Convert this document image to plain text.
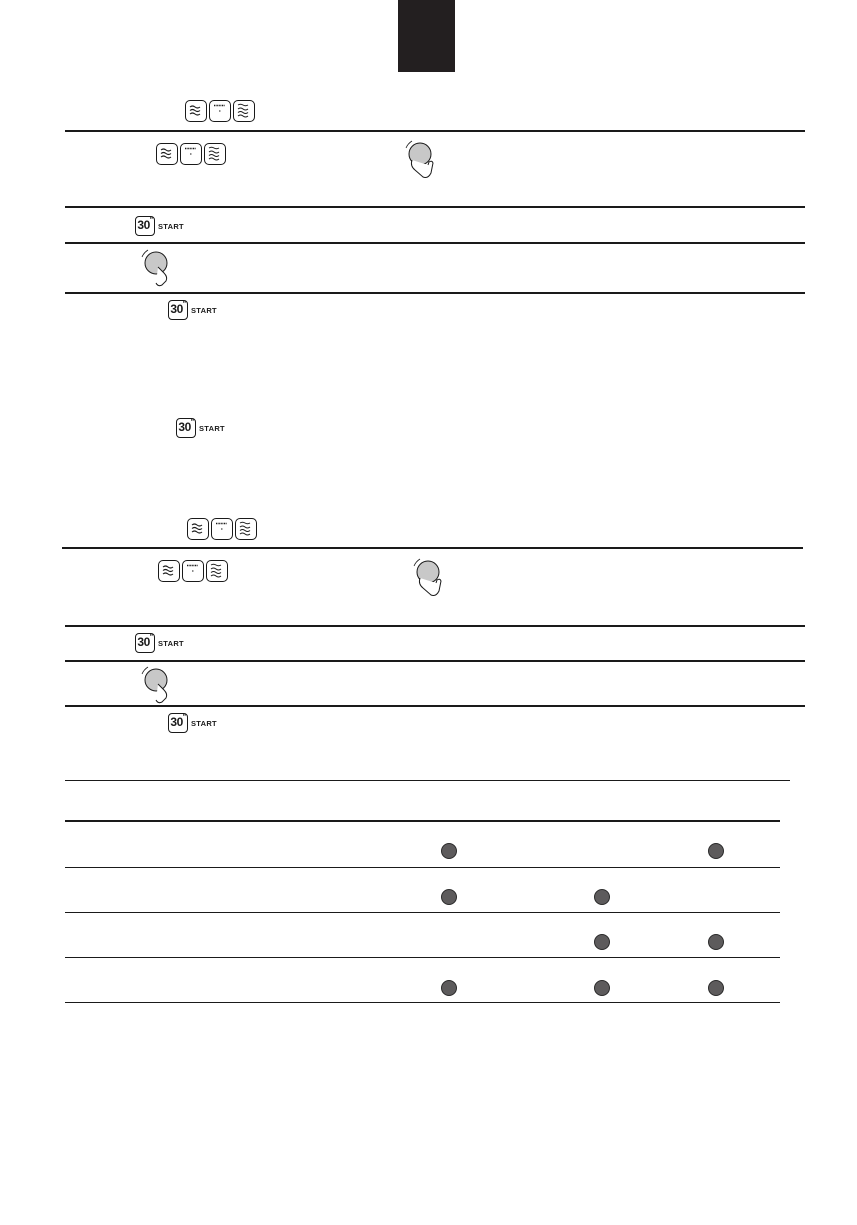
30"
START
30"
START
30"
START
30"
START
30"
START
